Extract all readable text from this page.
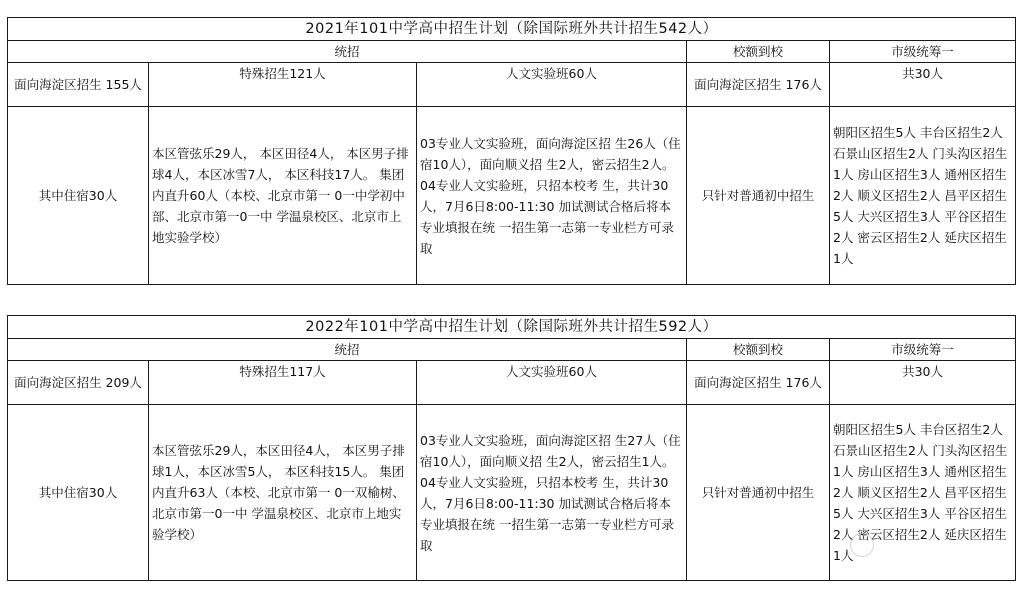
2021年101中学高中招生计划（除国际班外共计招生542人）				
统招			校额到校	市级统筹一
面向海淀区招生 155人	特殊招生121人	人文实验班60人	面向海淀区招生 176人	共30人
其中住宿30人	本区管弦乐29人， 本区田径4人， 本区男子排球4人，本区冰雪7人， 本区科技17人。 集团内直升60人（本校、北京市第一 0一中学初中部、北京市第一0一中 学温泉校区、北京市上地实验学校）	03专业人文实验班，面向海淀区招 生26人（住宿10人），面向顺义招 生2人，密云招生2人。 04专业人文实验班，只招本校考 生，共计30人，7月6日8:00-11:30 加试测试合格后将本专业填报在统 一招生第一志第一专业栏方可录取	只针对普通初中招生	朝阳区招生5人 丰台区招生2人 石景山区招生2人 门头沟区招生1人 房山区招生3人 通州区招生2人 顺义区招生2人 昌平区招生5人 大兴区招生3人 平谷区招生2人 密云区招生2人 延庆区招生1人
2022年101中学高中招生计划（除国际班外共计招生592人）				
统招			校额到校	市级统筹一
面向海淀区招生 209人	特殊招生117人	人文实验班60人	面向海淀区招生 176人	共30人
其中住宿30人	本区管弦乐29人，本区田径4人， 本区男子排球1人，本区冰雪5人， 本区科技15人。 集团内直升63人（本校、北京市第一 0一双榆树、北京市第一0一中 学温泉校区、北京市上地实验学校）	03专业人文实验班，面向海淀区招 生27人（住宿10人），面向顺义招 生2人，密云招生1人。 04专业人文实验班，只招本校考 生，共计30人，7月6日8:00-11:30 加试测试合格后将本专业填报在统 一招生第一志第一专业栏方可录取	只针对普通初中招生	朝阳区招生5人 丰台区招生2人 石景山区招生2人 门头沟区招生1人 房山区招生3人 通州区招生2人 顺义区招生2人 昌平区招生5人 大兴区招生3人 平谷区招生2人 密云区招生2人 延庆区招生1人
